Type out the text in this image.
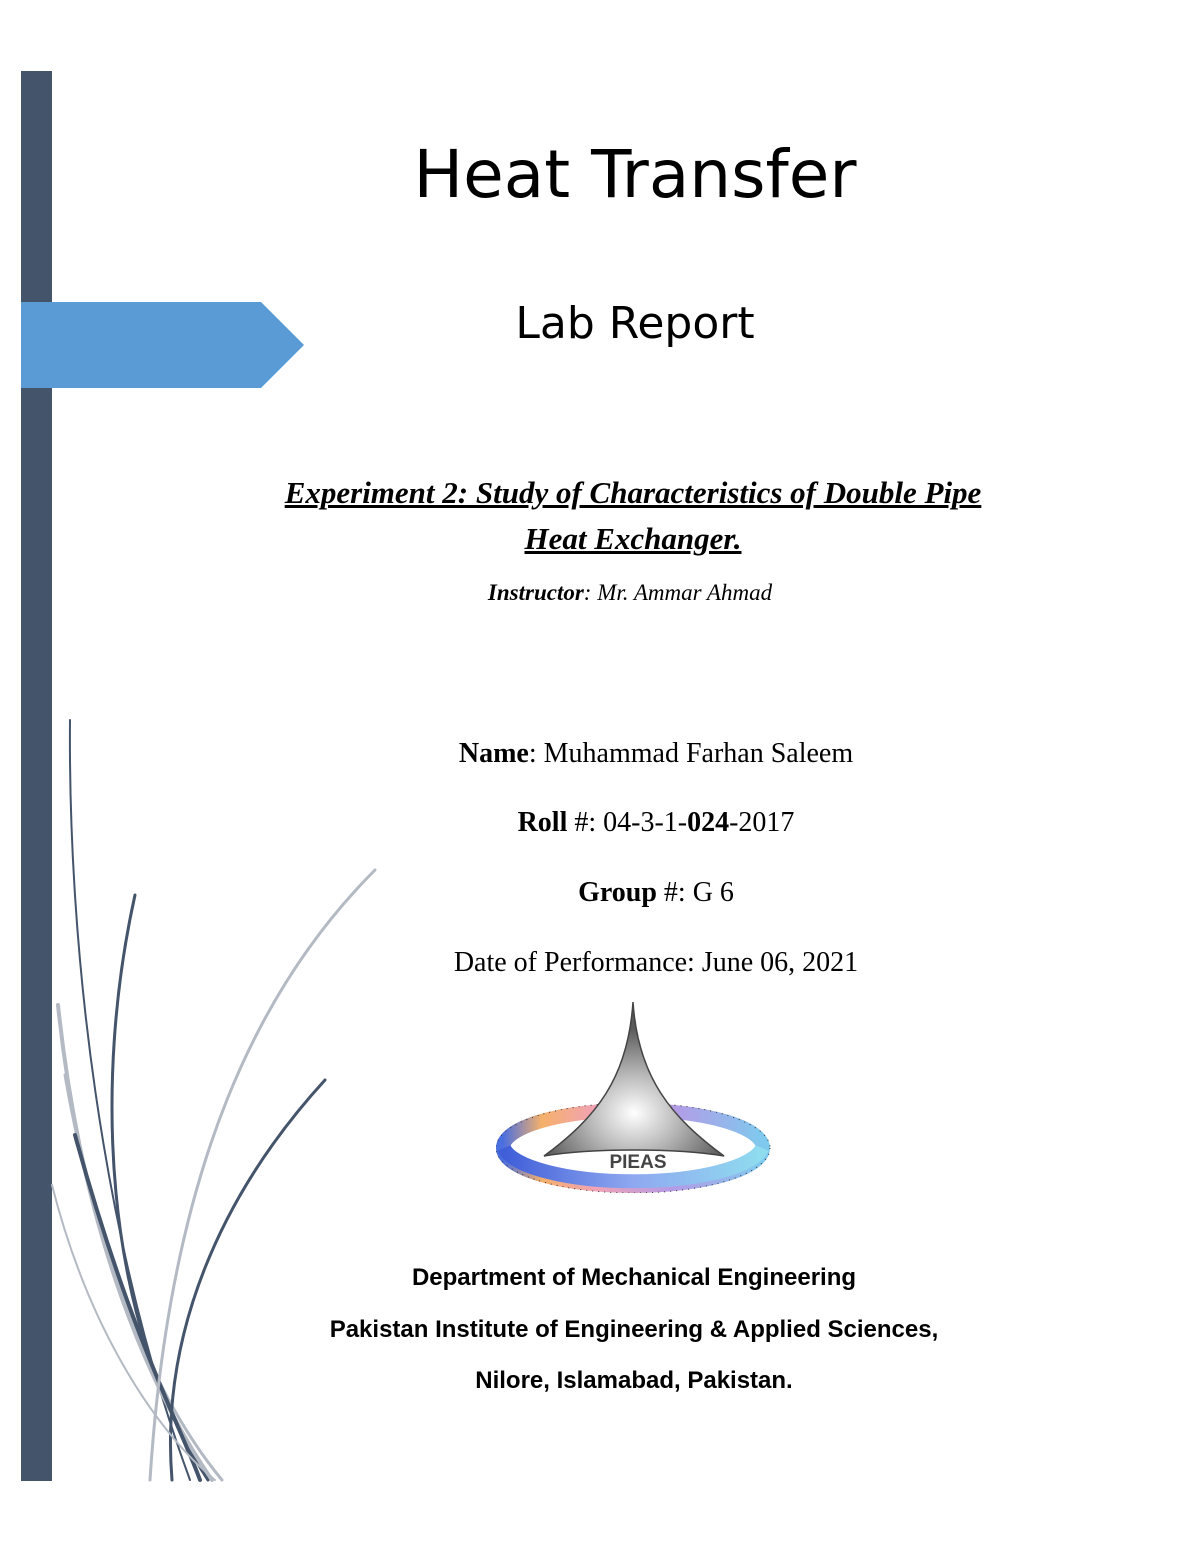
Heat Transfer
Lab Report
Experiment 2: Study of Characteristics of Double Pipe
Heat Exchanger.
Instructor: Mr. Ammar Ahmad
Name: Muhammad Farhan Saleem
Roll #: 04-3-1-024-2017
Group #: G 6
Date of Performance: June 06, 2021
PIEAS
Department of Mechanical Engineering
Pakistan Institute of Engineering & Applied Sciences,
Nilore, Islamabad, Pakistan.
